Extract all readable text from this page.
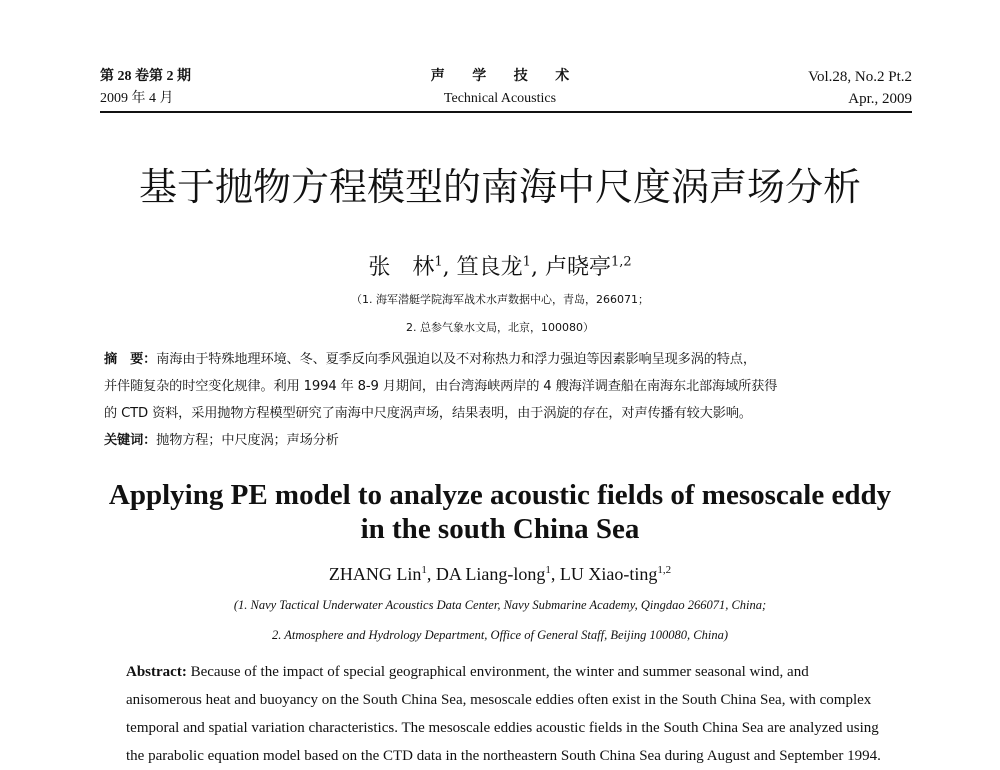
第 28 卷第 2 期
2009 年 4 月
声 学 技 术
Technical Acoustics
Vol.28, No.2 Pt.2
Apr., 2009
基于抛物方程模型的南海中尺度涡声场分析
张　林$^1$, 笪良龙$^1$, 卢晓亭$^{1,2}$
（1. 海军潜艇学院海军战术水声数据中心，青岛，266071；
2. 总参气象水文局，北京，100080）

摘　要：南海由于特殊地理环境、冬、夏季反向季风强迫以及不对称热力和浮力强迫等因素影响呈现多涡的特点，

并伴随复杂的时空变化规律。利用 1994 年 8-9 月期间，由台湾海峡两岸的 4 艘海洋调查船在南海东北部海域所获得

的 CTD 资料，采用抛物方程模型研究了南海中尺度涡声场，结果表明，由于涡旋的存在，对声传播有较大影响。

关键词：抛物方程；中尺度涡；声场分析

Applying PE model to analyze acoustic fields of mesoscale eddy
in the south China Sea
ZHANG Lin$^1$, DA Liang-long$^1$, LU Xiao-ting$^{1,2}$
(1. Navy Tactical Underwater Acoustics Data Center, Navy Submarine Academy, Qingdao 266071, China;
2. Atmosphere and Hydrology Department, Office of General Staff, Beijing 100080, China)

Abstract: Because of the impact of special geographical environment, the winter and summer seasonal wind, and

anisomerous heat and buoyancy on the South China Sea, mesoscale eddies often exist in the South China Sea, with complex

temporal and spatial variation characteristics. The mesoscale eddies acoustic fields in the South China Sea are analyzed using

the parabolic equation model based on the CTD data in the northeastern South China Sea during August and September 1994.
